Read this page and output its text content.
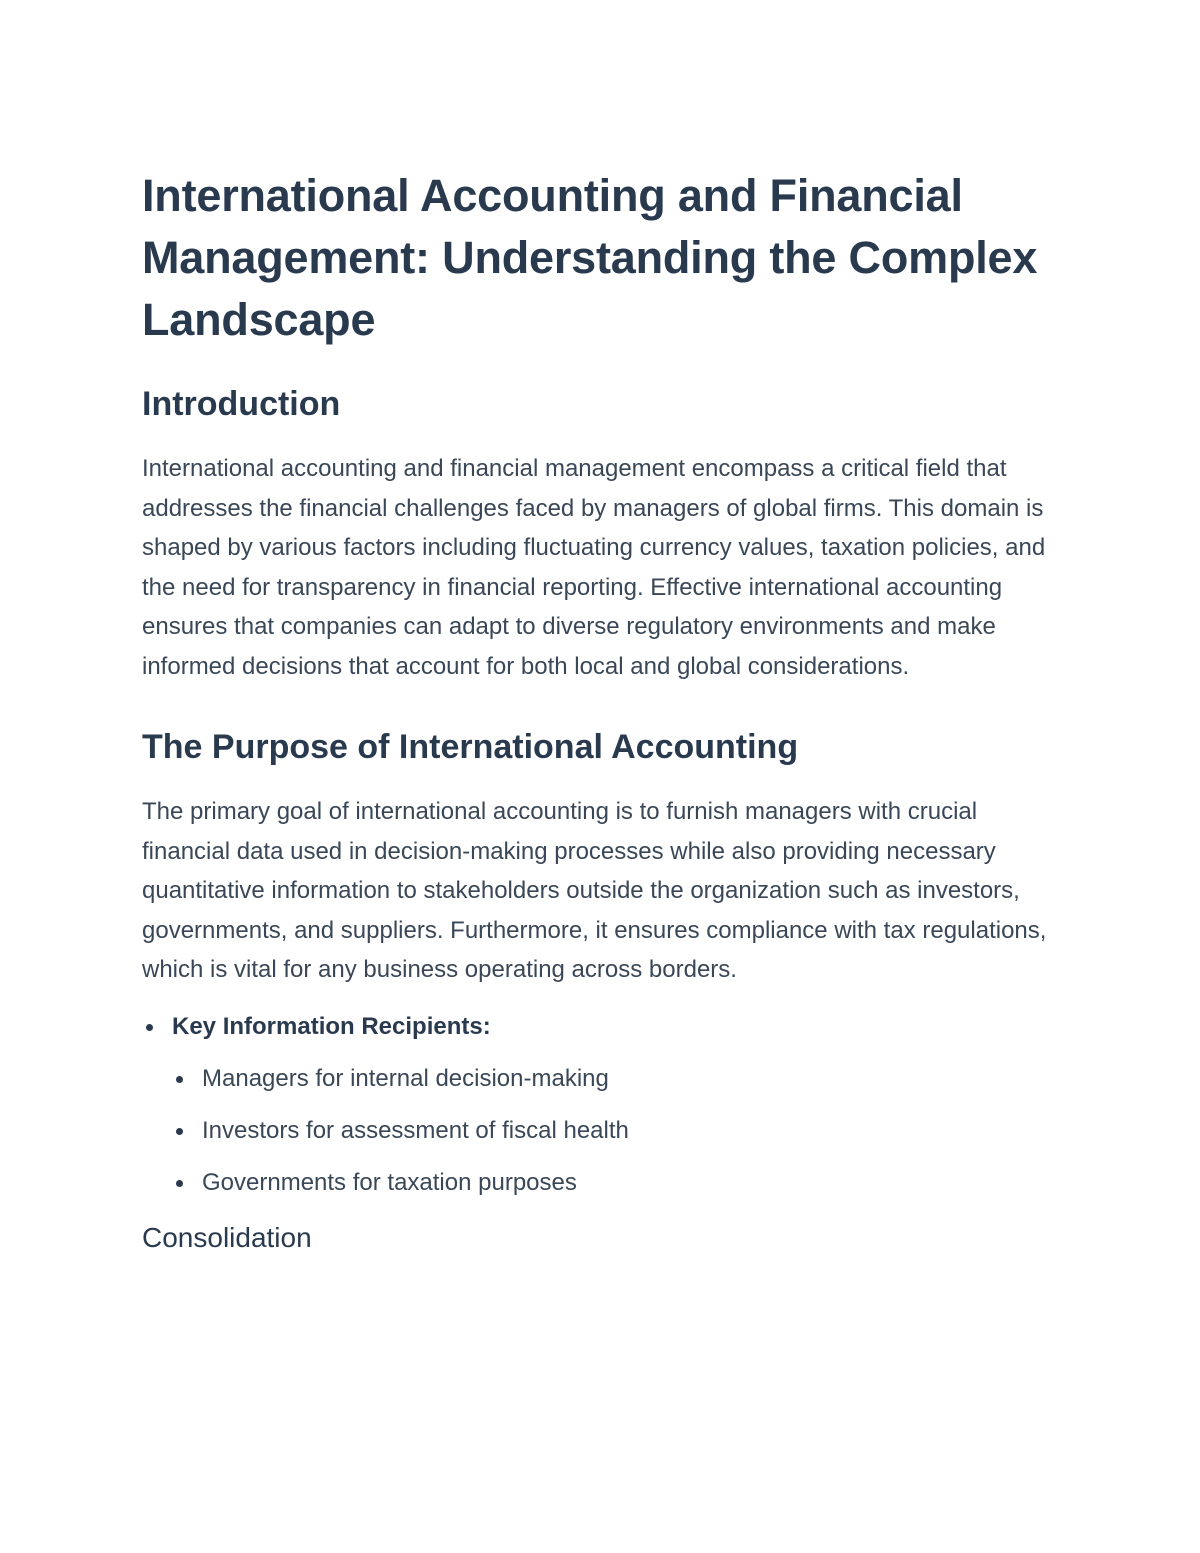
International Accounting and Financial Management: Understanding the Complex Landscape
Introduction

International accounting and financial management encompass a critical field that addresses the financial challenges faced by managers of global firms. This domain is shaped by various factors including fluctuating currency values, taxation policies, and the need for transparency in financial reporting. Effective international accounting ensures that companies can adapt to diverse regulatory environments and make informed decisions that account for both local and global considerations.

The Purpose of International Accounting

The primary goal of international accounting is to furnish managers with crucial financial data used in decision-making processes while also providing necessary quantitative information to stakeholders outside the organization such as investors, governments, and suppliers. Furthermore, it ensures compliance with tax regulations, which is vital for any business operating across borders.

Key Information Recipients:
Managers for internal decision-making
Investors for assessment of fiscal health
Governments for taxation purposes
Consolidation
